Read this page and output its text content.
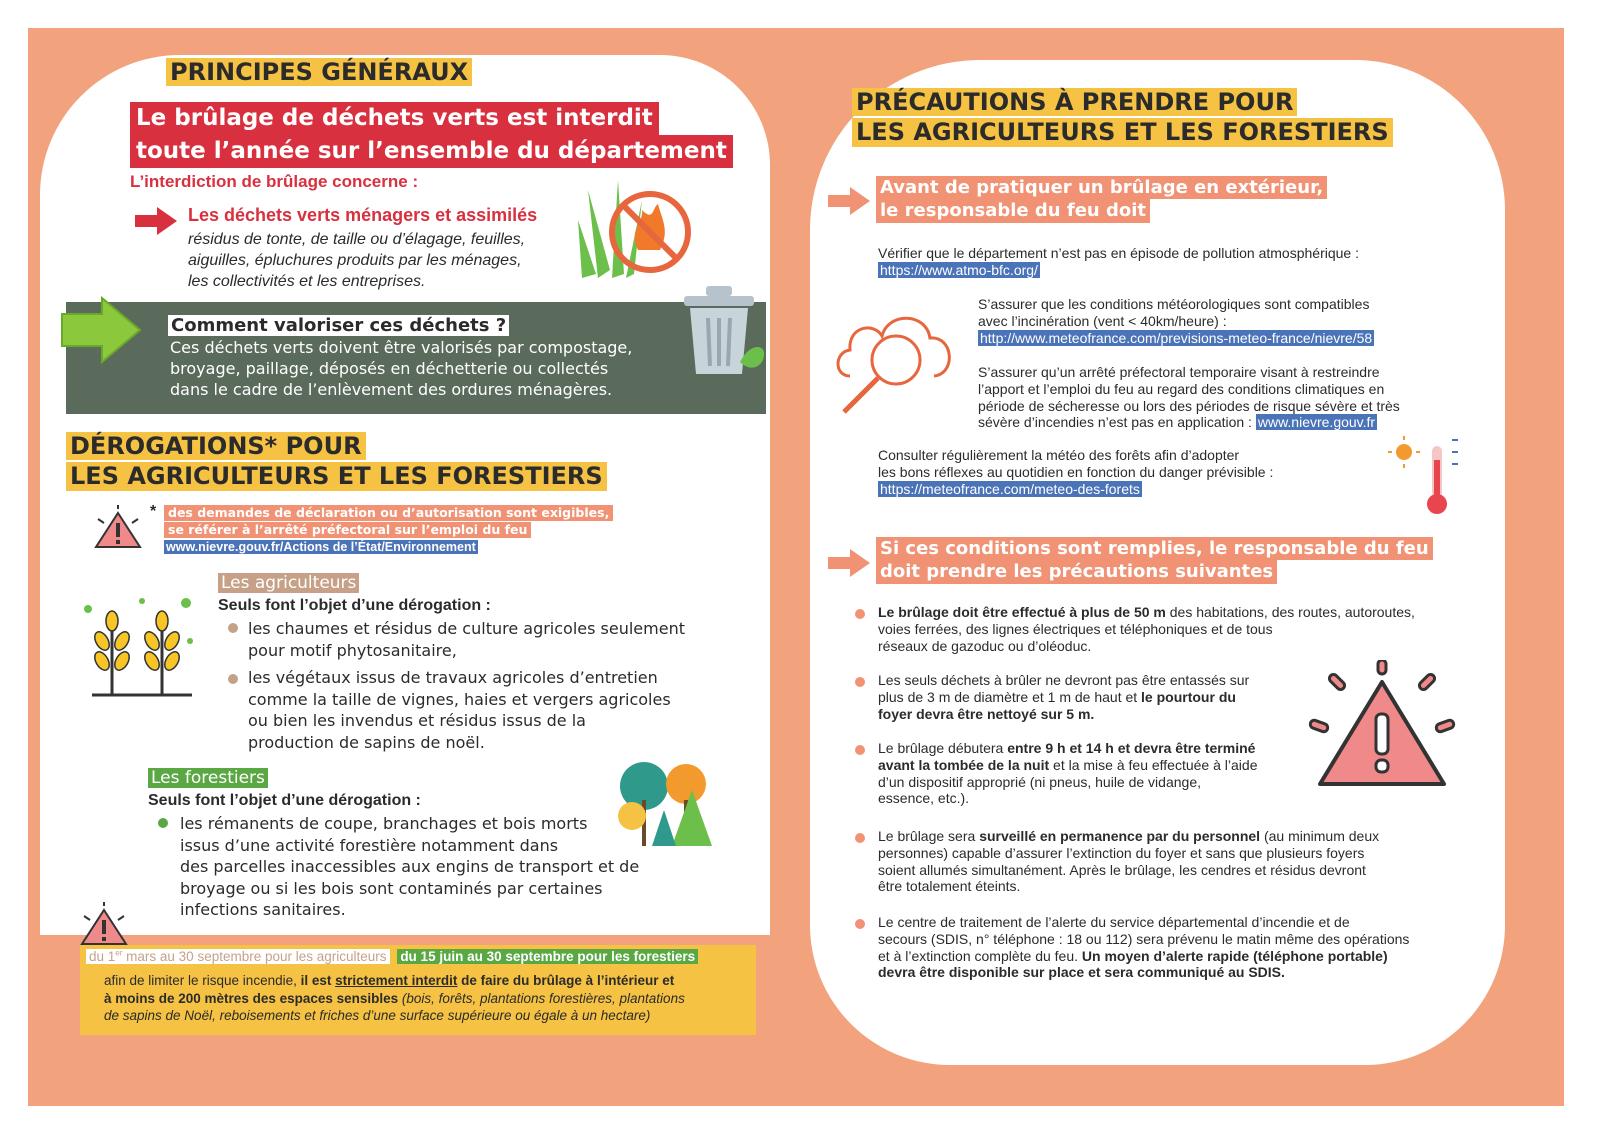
PRINCIPES GÉNÉRAUX
Le brûlage de déchets verts est interdit
toute l’année sur l’ensemble du département
L’interdiction de brûlage concerne :
Les déchets verts ménagers et assimilés
résidus de tonte, de taille ou d’élagage, feuilles,
aiguilles, épluchures produits par les ménages,
les collectivités et les entreprises.
Comment valoriser ces déchets ?
Ces déchets verts doivent être valorisés par compostage,
broyage, paillage, déposés en déchetterie ou collectés
dans le cadre de l’enlèvement des ordures ménagères.
DÉROGATIONS* POUR
LES AGRICULTEURS ET LES FORESTIERS
* des demandes de déclaration ou d’autorisation sont exigibles,
se référer à l’arrêté préfectoral sur l’emploi du feu
www.nievre.gouv.fr/Actions de l’État/Environnement
Les agriculteurs
Seuls font l’objet d’une dérogation :
les chaumes et résidus de culture agricoles seulement
pour motif phytosanitaire,
les végétaux issus de travaux agricoles d’entretien
comme la taille de vignes, haies et vergers agricoles
ou bien les invendus et résidus issus de la
production de sapins de noël.
Les forestiers
Seuls font l’objet d’une dérogation :
les rémanents de coupe, branchages et bois morts
issus d’une activité forestière notamment dans
des parcelles inaccessibles aux engins de transport et de
broyage ou si les bois sont contaminés par certaines
infections sanitaires.
du 1er mars au 30 septembre pour les agriculteurs du 15 juin au 30 septembre pour les forestiers
afin de limiter le risque incendie, il est strictement interdit de faire du brûlage à l’intérieur et
à moins de 200 mètres des espaces sensibles (bois, forêts, plantations forestières, plantations
de sapins de Noël, reboisements et friches d’une surface supérieure ou égale à un hectare)
PRÉCAUTIONS À PRENDRE POUR
LES AGRICULTEURS ET LES FORESTIERS
Avant de pratiquer un brûlage en extérieur,
le responsable du feu doit
Vérifier que le département n’est pas en épisode de pollution atmosphérique :
https://www.atmo-bfc.org/
S’assurer que les conditions météorologiques sont compatibles
avec l’incinération (vent < 40km/heure) :
http://www.meteofrance.com/previsions-meteo-france/nievre/58
S’assurer qu’un arrêté préfectoral temporaire visant à restreindre
l’apport et l’emploi du feu au regard des conditions climatiques en
période de sécheresse ou lors des périodes de risque sévère et très
sévère d’incendies n’est pas en application : www.nievre.gouv.fr
Consulter régulièrement la météo des forêts afin d’adopter
les bons réflexes au quotidien en fonction du danger prévisible :
https://meteofrance.com/meteo-des-forets
Si ces conditions sont remplies, le responsable du feu
doit prendre les précautions suivantes
Le brûlage doit être effectué à plus de 50 m des habitations, des routes, autoroutes,
voies ferrées, des lignes électriques et téléphoniques et de tous
réseaux de gazoduc ou d’oléoduc.
Les seuls déchets à brûler ne devront pas être entassés sur
plus de 3 m de diamètre et 1 m de haut et le pourtour du
foyer devra être nettoyé sur 5 m.
Le brûlage débutera entre 9 h et 14 h et devra être terminé
avant la tombée de la nuit et la mise à feu effectuée à l’aide
d’un dispositif approprié (ni pneus, huile de vidange,
essence, etc.).
Le brûlage sera surveillé en permanence par du personnel (au minimum deux
personnes) capable d’assurer l’extinction du foyer et sans que plusieurs foyers
soient allumés simultanément. Après le brûlage, les cendres et résidus devront
être totalement éteints.
Le centre de traitement de l’alerte du service départemental d’incendie et de
secours (SDIS, n° téléphone : 18 ou 112) sera prévenu le matin même des opérations
et à l’extinction complète du feu. Un moyen d’alerte rapide (téléphone portable)
devra être disponible sur place et sera communiqué au SDIS.
